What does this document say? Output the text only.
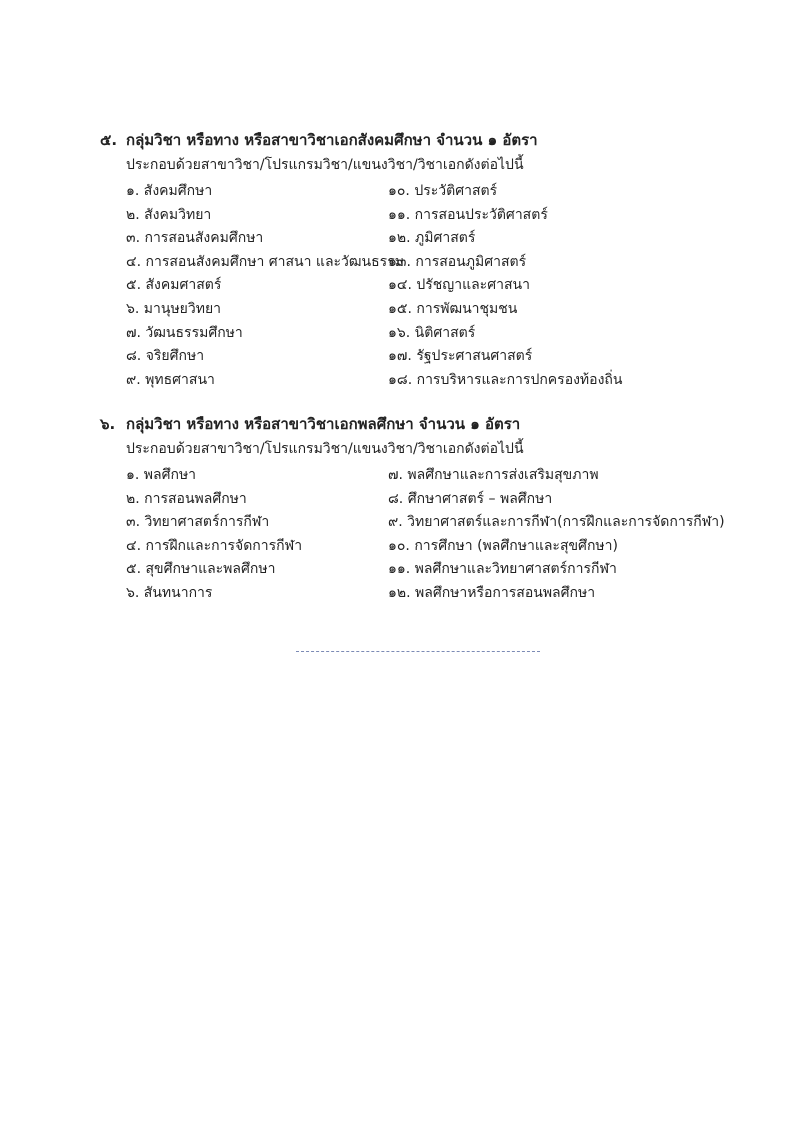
๕. กลุ่มวิชา หรือทาง หรือสาขาวิชาเอกสังคมศึกษา จำนวน ๑ อัตรา
ประกอบด้วยสาขาวิชา/โปรแกรมวิชา/แขนงวิชา/วิชาเอกดังต่อไปนี้
๑. สังคมศึกษา
๒. สังคมวิทยา
๓. การสอนสังคมศึกษา
๔. การสอนสังคมศึกษา ศาสนา และวัฒนธรรม
๕. สังคมศาสตร์
๖. มานุษยวิทยา
๗. วัฒนธรรมศึกษา
๘. จริยศึกษา
๙. พุทธศาสนา
๑๐. ประวัติศาสตร์
๑๑. การสอนประวัติศาสตร์
๑๒. ภูมิศาสตร์
๑๓. การสอนภูมิศาสตร์
๑๔. ปรัชญาและศาสนา
๑๕. การพัฒนาชุมชน
๑๖. นิติศาสตร์
๑๗. รัฐประศาสนศาสตร์
๑๘. การบริหารและการปกครองท้องถิ่น
๖. กลุ่มวิชา หรือทาง หรือสาขาวิชาเอกพลศึกษา จำนวน ๑ อัตรา
ประกอบด้วยสาขาวิชา/โปรแกรมวิชา/แขนงวิชา/วิชาเอกดังต่อไปนี้
๑. พลศึกษา
๒. การสอนพลศึกษา
๓. วิทยาศาสตร์การกีฬา
๔. การฝึกและการจัดการกีฬา
๕. สุขศึกษาและพลศึกษา
๖. สันทนาการ
๗. พลศึกษาและการส่งเสริมสุขภาพ
๘. ศึกษาศาสตร์ – พลศึกษา
๙. วิทยาศาสตร์และการกีฬา(การฝึกและการจัดการกีฬา)
๑๐. การศึกษา (พลศึกษาและสุขศึกษา)
๑๑. พลศึกษาและวิทยาศาสตร์การกีฬา
๑๒. พลศึกษาหรือการสอนพลศึกษา
